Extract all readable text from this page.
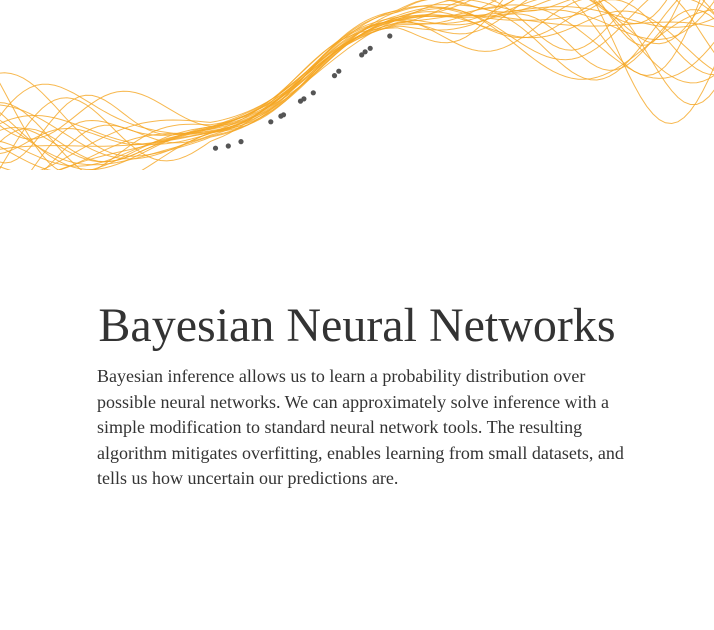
Bayesian Neural Networks

Bayesian inference allows us to learn a probability distribution over possible neural networks. We can approximately solve inference with a simple modification to standard neural network tools. The resulting algorithm mitigates overfitting, enables learning from small datasets, and tells us how uncertain our predictions are.
